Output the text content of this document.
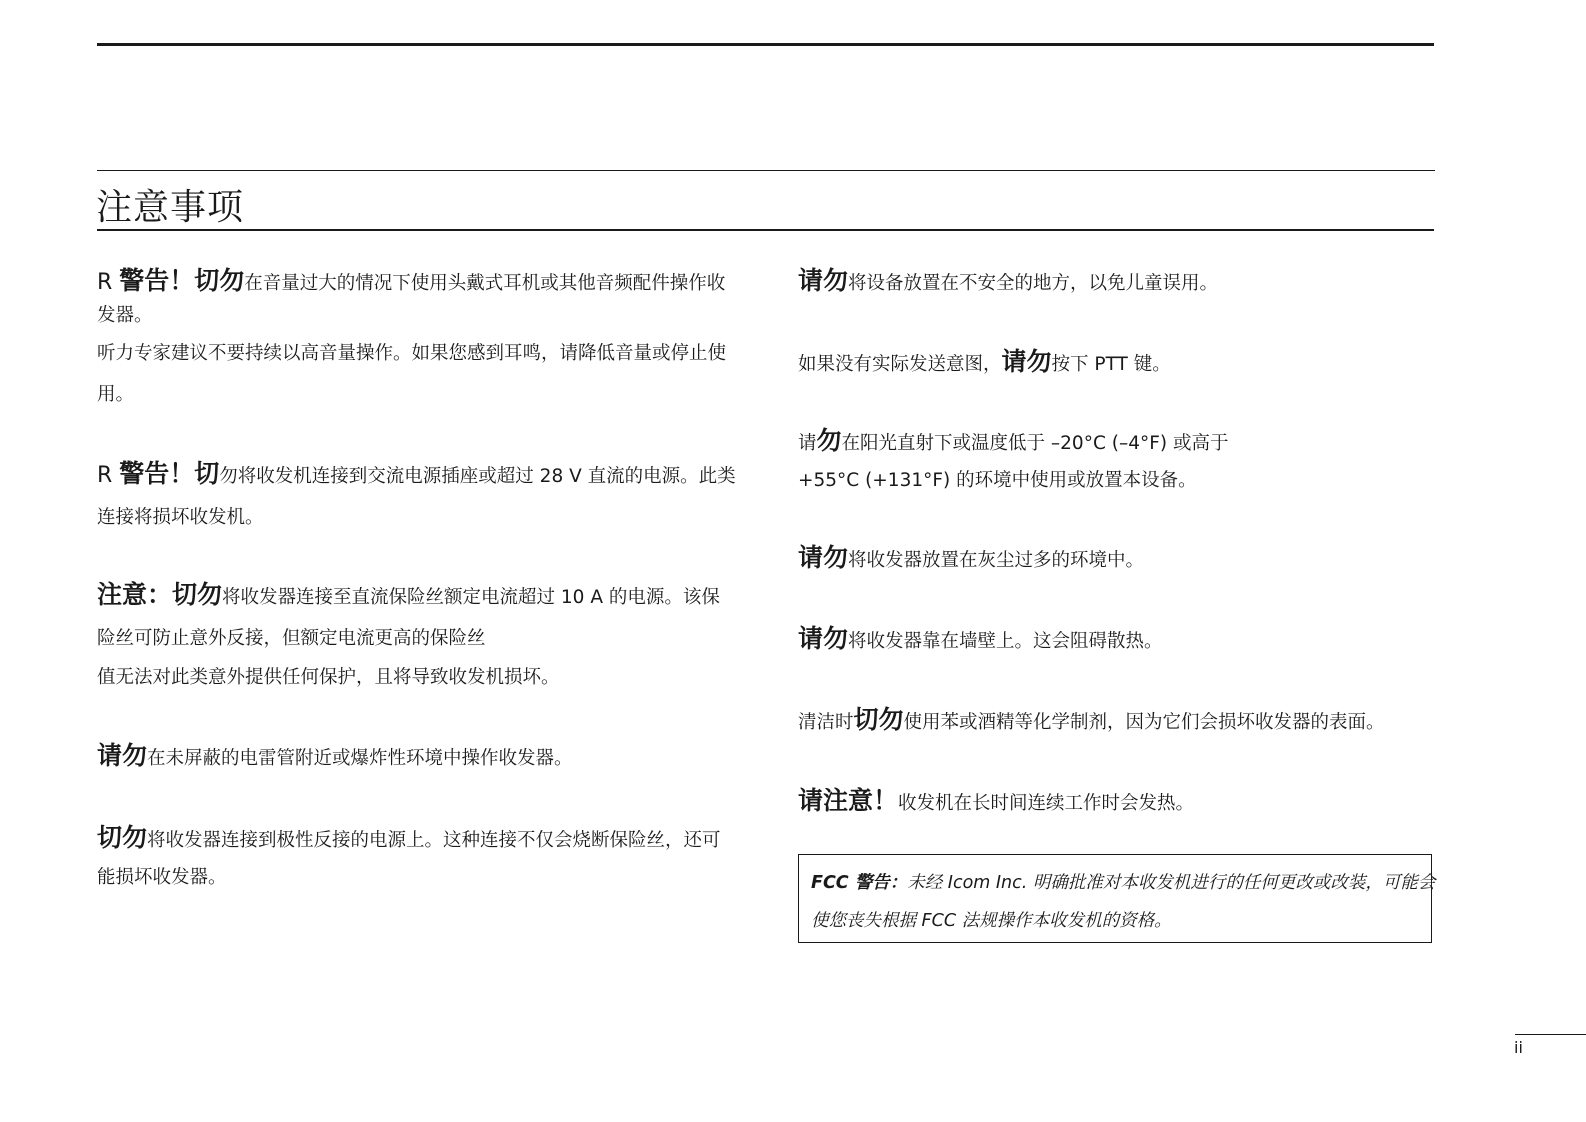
注意事项
R 警告！切勿在音量过大的情况下使用头戴式耳机或其他音频配件操作收
发器。
听力专家建议不要持续以高音量操作。如果您感到耳鸣，请降低音量或停止使
用。
R 警告！切勿将收发机连接到交流电源插座或超过 28 V 直流的电源。此类
连接将损坏收发机。
注意：切勿将收发器连接至直流保险丝额定电流超过 10 A 的电源。该保
险丝可防止意外反接，但额定电流更高的保险丝
值无法对此类意外提供任何保护，且将导致收发机损坏。
请勿在未屏蔽的电雷管附近或爆炸性环境中操作收发器。
切勿将收发器连接到极性反接的电源上。这种连接不仅会烧断保险丝，还可
能损坏收发器。
请勿将设备放置在不安全的地方，以免儿童误用。
如果没有实际发送意图，请勿按下 PTT 键。
请勿在阳光直射下或温度低于 –20°C (–4°F) 或高于
+55°C (+131°F) 的环境中使用或放置本设备。
请勿将收发器放置在灰尘过多的环境中。
请勿将收发器靠在墙壁上。这会阻碍散热。
清洁时切勿使用苯或酒精等化学制剂，因为它们会损坏收发器的表面。
请注意！收发机在长时间连续工作时会发热。
FCC 警告：未经 Icom Inc. 明确批准对本收发机进行的任何更改或改装，可能会
使您丧失根据 FCC 法规操作本收发机的资格。
ii
